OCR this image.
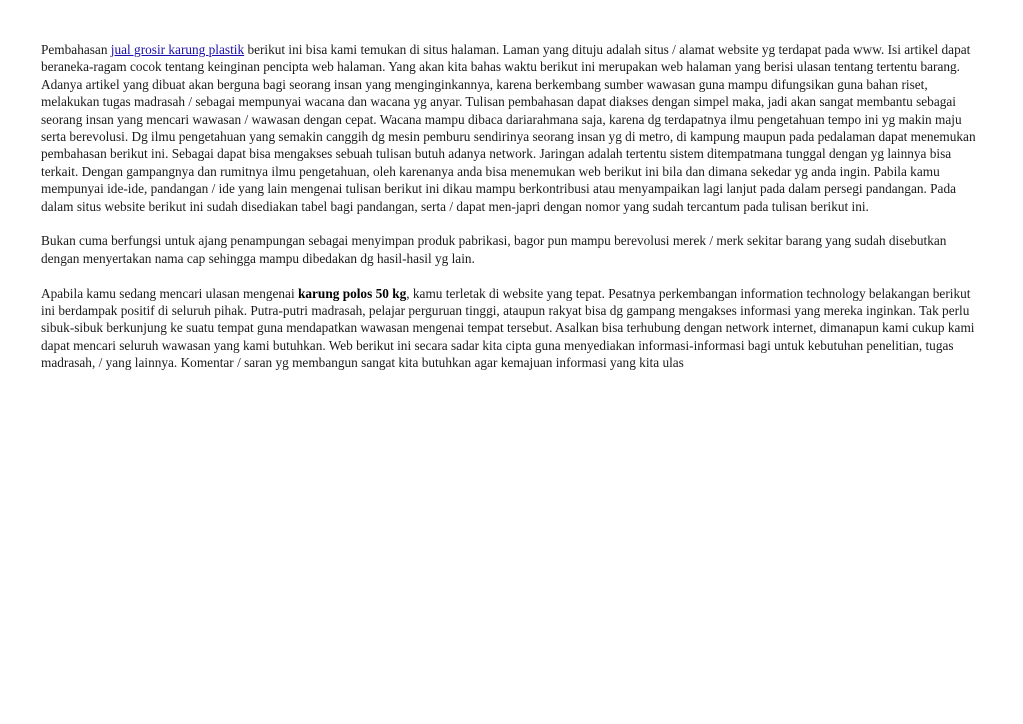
Pembahasan jual grosir karung plastik berikut ini bisa kami temukan di situs halaman. Laman yang dituju adalah situs / alamat website yg terdapat pada www. Isi artikel dapat beraneka-ragam cocok tentang keinginan pencipta web halaman. Yang akan kita bahas waktu berikut ini merupakan web halaman yang berisi ulasan tentang tertentu barang. Adanya artikel yang dibuat akan berguna bagi seorang insan yang menginginkannya, karena berkembang sumber wawasan guna mampu difungsikan guna bahan riset, melakukan tugas madrasah / sebagai mempunyai wacana dan wacana yg anyar. Tulisan pembahasan dapat diakses dengan simpel maka, jadi akan sangat membantu sebagai seorang insan yang mencari wawasan / wawasan dengan cepat. Wacana mampu dibaca dariarahmana saja, karena dg terdapatnya ilmu pengetahuan tempo ini yg makin maju serta berevolusi. Dg ilmu pengetahuan yang semakin canggih dg mesin pemburu sendirinya seorang insan yg di metro, di kampung maupun pada pedalaman dapat menemukan pembahasan berikut ini. Sebagai dapat bisa mengakses sebuah tulisan butuh adanya network. Jaringan adalah tertentu sistem ditempatmana tunggal dengan yg lainnya bisa terkait. Dengan gampangnya dan rumitnya ilmu pengetahuan, oleh karenanya anda bisa menemukan web berikut ini bila dan dimana sekedar yg anda ingin. Pabila kamu mempunyai ide-ide, pandangan / ide yang lain mengenai tulisan berikut ini dikau mampu berkontribusi atau menyampaikan lagi lanjut pada dalam persegi pandangan. Pada dalam situs website berikut ini sudah disediakan tabel bagi pandangan, serta / dapat men-japri dengan nomor yang sudah tercantum pada tulisan berikut ini.

Bukan cuma berfungsi untuk ajang penampungan sebagai menyimpan produk pabrikasi, bagor pun mampu berevolusi merek / merk sekitar barang yang sudah disebutkan dengan menyertakan nama cap sehingga mampu dibedakan dg hasil-hasil yg lain.

Apabila kamu sedang mencari ulasan mengenai karung polos 50 kg, kamu terletak di website yang tepat. Pesatnya perkembangan information technology belakangan berikut ini berdampak positif di seluruh pihak. Putra-putri madrasah, pelajar perguruan tinggi, ataupun rakyat bisa dg gampang mengakses informasi yang mereka inginkan. Tak perlu sibuk-sibuk berkunjung ke suatu tempat guna mendapatkan wawasan mengenai tempat tersebut. Asalkan bisa terhubung dengan network internet, dimanapun kami cukup kami dapat mencari seluruh wawasan yang kami butuhkan. Web berikut ini secara sadar kita cipta guna menyediakan informasi-informasi bagi untuk kebutuhan penelitian, tugas madrasah, / yang lainnya. Komentar / saran yg membangun sangat kita butuhkan agar kemajuan informasi yang kita ulas
